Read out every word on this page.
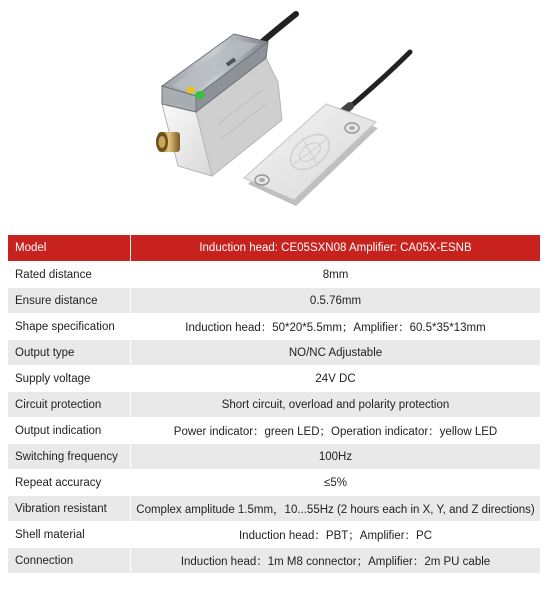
Model	Induction head: CE05SXN08 Amplifier: CA05X-ESNB
Rated distance	8mm
Ensure distance	0.5.76mm
Shape specification	Induction head：50*20*5.5mm；Amplifier：60.5*35*13mm
Output type	NO/NC Adjustable
Supply voltage	24V DC
Circuit protection	Short circuit, overload and polarity protection
Output indication	Power indicator：green LED；Operation indicator：yellow LED
Switching frequency	100Hz
Repeat accuracy	≤5%
Vibration resistant	Complex amplitude 1.5mm，10...55Hz (2 hours each in X, Y, and Z directions)
Shell material	Induction head：PBT；Amplifier：PC
Connection	Induction head：1m M8 connector；Amplifier：2m PU cable
